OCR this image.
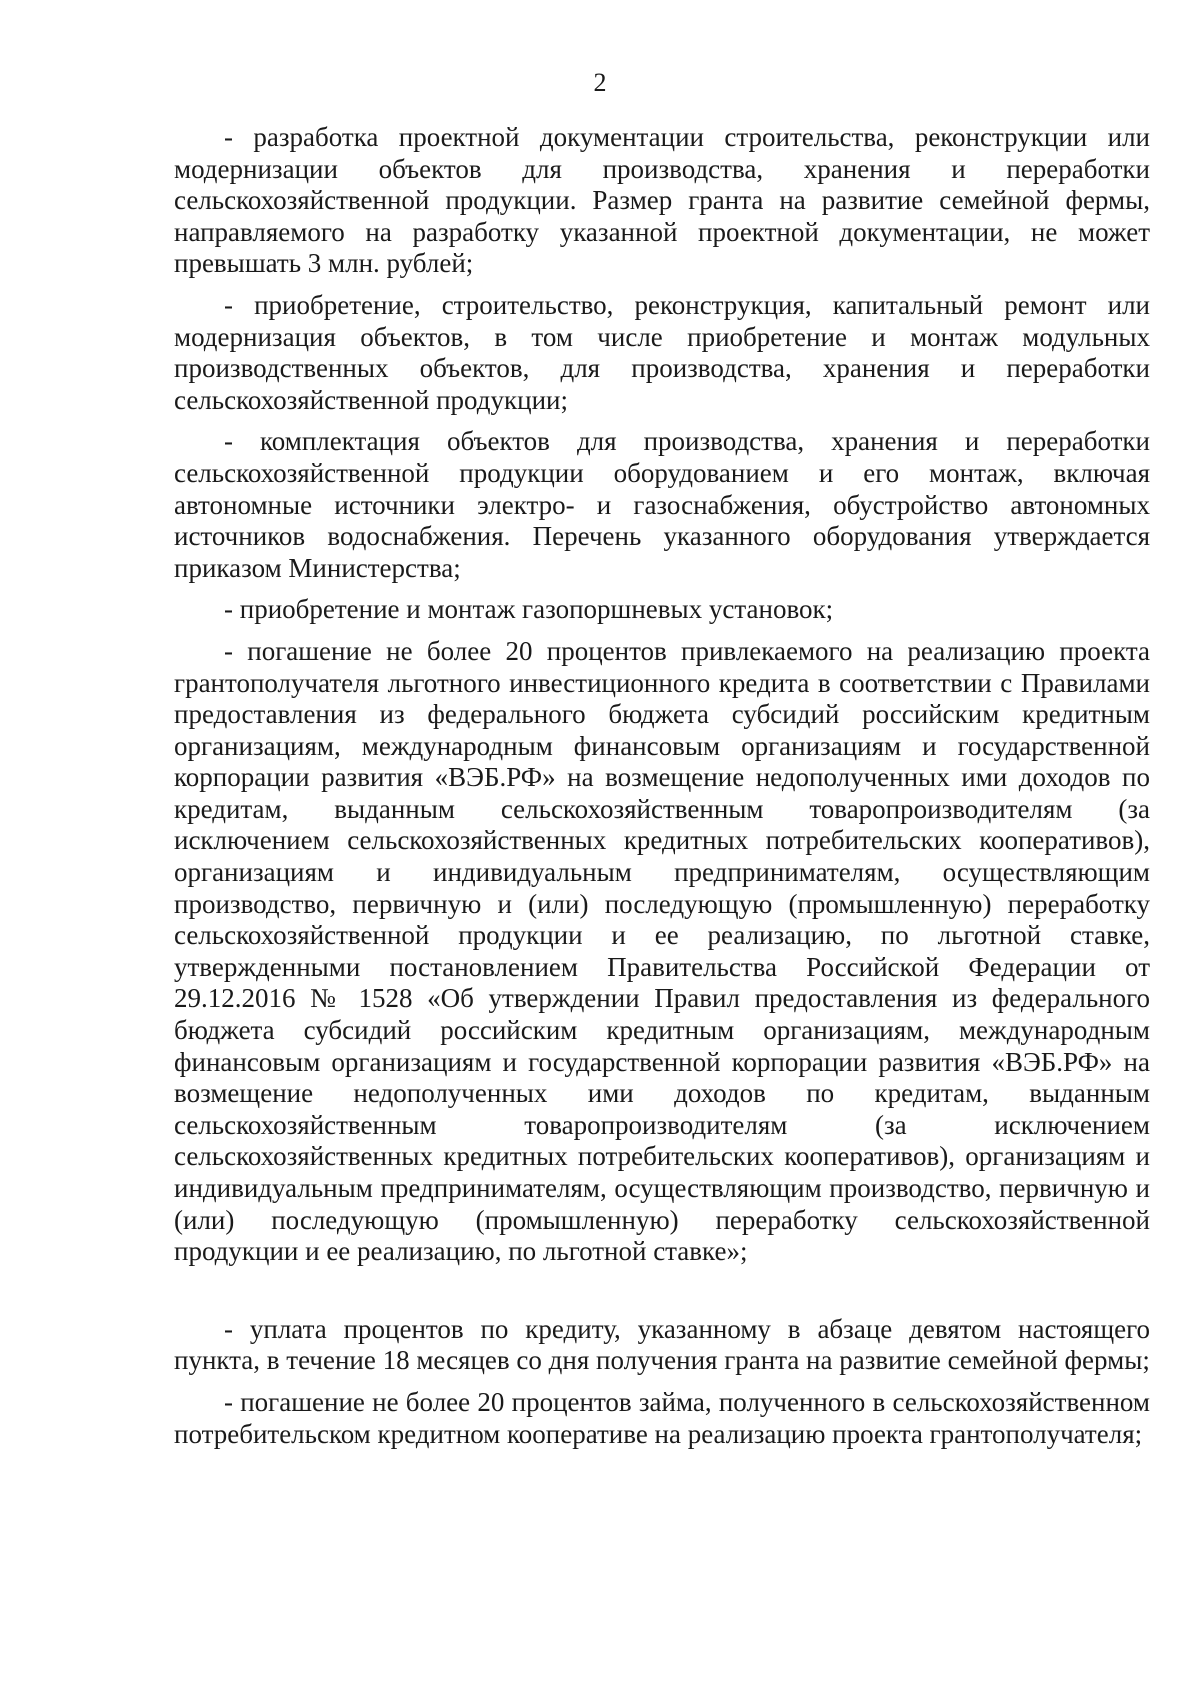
2

- разработка проектной документации строительства, реконструкции или модернизации объектов для производства, хранения и переработки сельскохозяйственной продукции. Размер гранта на развитие семейной фермы, направляемого на разработку указанной проектной документации, не может превышать 3 млн. рублей;

- приобретение, строительство, реконструкция, капитальный ремонт или модернизация объектов, в том числе приобретение и монтаж модульных производственных объектов, для производства, хранения и переработки сельскохозяйственной продукции;

- комплектация объектов для производства, хранения и переработки сельскохозяйственной продукции оборудованием и его монтаж, включая автономные источники электро- и газоснабжения, обустройство автономных источников водоснабжения. Перечень указанного оборудования утверждается приказом Министерства;

- приобретение и монтаж газопоршневых установок;

- погашение не более 20 процентов привлекаемого на реализацию проекта грантополучателя льготного инвестиционного кредита в соответствии с Правилами предоставления из федерального бюджета субсидий российским кредитным организациям, международным финансовым организациям и государственной корпорации развития «ВЭБ.РФ» на возмещение недополученных ими доходов по кредитам, выданным сельскохозяйственным товаропроизводителям (за исключением сельскохозяйственных кредитных потребительских кооперативов), организациям и индивидуальным предпринимателям, осуществляющим производство, первичную и (или) последующую (промышленную) переработку сельскохозяйственной продукции и ее реализацию, по льготной ставке, утвержденными постановлением Правительства Российской Федерации от 29.12.2016 № 1528 «Об утверждении Правил предоставления из федерального бюджета субсидий российским кредитным организациям, международным финансовым организациям и государственной корпорации развития «ВЭБ.РФ» на возмещение недополученных ими доходов по кредитам, выданным сельскохозяйственным товаропроизводителям (за исключением сельскохозяйственных кредитных потребительских кооперативов), организациям и индивидуальным предпринимателям, осуществляющим производство, первичную и (или) последующую (промышленную) переработку сельскохозяйственной продукции и ее реализацию, по льготной ставке»;

- уплата процентов по кредиту, указанному в абзаце девятом настоящего пункта, в течение 18 месяцев со дня получения гранта на развитие семейной фермы;

- погашение не более 20 процентов займа, полученного в сельскохозяйственном потребительском кредитном кооперативе на реализацию проекта грантополучателя;
